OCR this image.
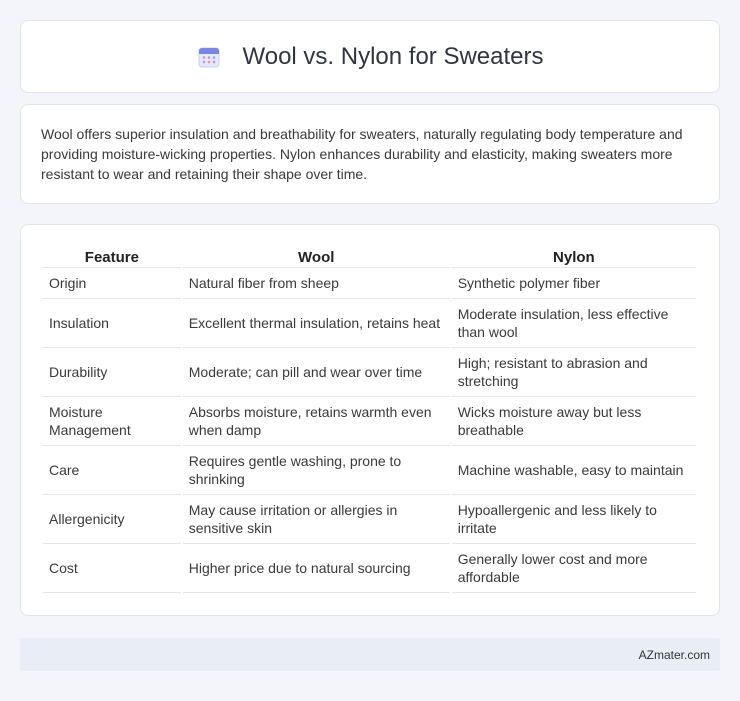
Wool vs. Nylon for Sweaters

Wool offers superior insulation and breathability for sweaters, naturally regulating body temperature and providing moisture-wicking properties. Nylon enhances durability and elasticity, making sweaters more resistant to wear and retaining their shape over time.

Feature	Wool	Nylon
Origin	Natural fiber from sheep	Synthetic polymer fiber
Insulation	Excellent thermal insulation, retains heat	Moderate insulation, less effective than wool
Durability	Moderate; can pill and wear over time	High; resistant to abrasion and stretching
Moisture Management	Absorbs moisture, retains warmth even when damp	Wicks moisture away but less breathable
Care	Requires gentle washing, prone to shrinking	Machine washable, easy to maintain
Allergenicity	May cause irritation or allergies in sensitive skin	Hypoallergenic and less likely to irritate
Cost	Higher price due to natural sourcing	Generally lower cost and more affordable
AZmater.com
